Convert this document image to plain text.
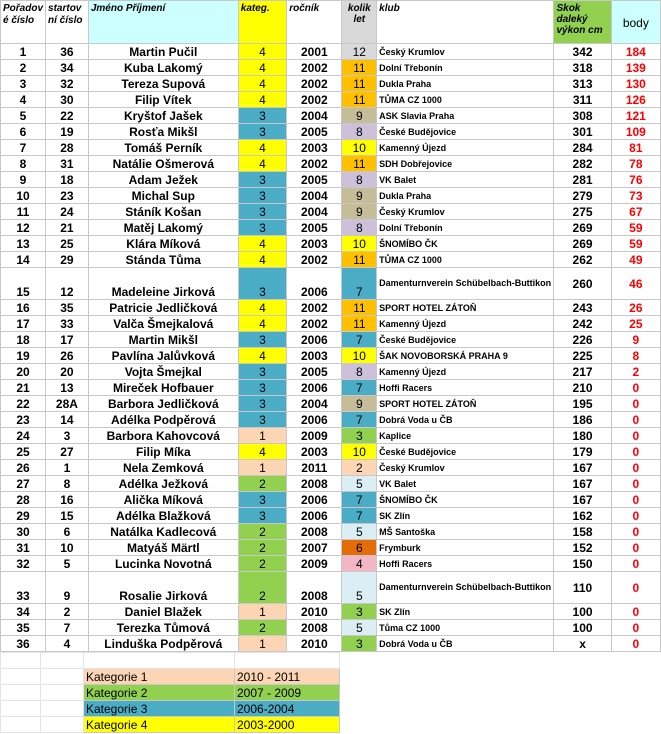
Pořadov é číslo	startov ní číslo	Jméno Příjmení	kateg.	ročník	kolik let	klub	Skok daleký výkon cm	body
1	36	Martin Pučil	4	2001	12	Český Krumlov	342	184
2	34	Kuba Lakomý	4	2002	11	Dolní Třebonín	318	139
3	32	Tereza Supová	4	2002	11	Dukla Praha	313	130
4	30	Filip Vítek	4	2002	11	TŮMA CZ 1000	311	126
5	22	Kryštof Jašek	3	2004	9	ASK Slavia Praha	308	121
6	19	Rosťa Mikšl	3	2005	8	České Budějovice	301	109
7	28	Tomáš Perník	4	2003	10	Kamenný Újezd	284	81
8	31	Natálie Ošmerová	4	2002	11	SDH Dobřejovice	282	78
9	18	Adam Ježek	3	2005	8	VK Balet	281	76
10	23	Michal Sup	3	2004	9	Dukla Praha	279	73
11	24	Stáník Košan	3	2004	9	Český Krumlov	275	67
12	21	Matěj Lakomý	3	2005	8	Dolní Třebonín	269	59
13	25	Klára Míková	4	2003	10	ŠNOMÍBO ČK	269	59
14	29	Stánda Tůma	4	2002	11	TŮMA CZ 1000	262	49
15	12	Madeleine Jirková	3	2006	7	Damenturnverein Schübelbach-Buttikon	260	46
16	35	Patricie Jedličková	4	2002	11	SPORT HOTEL ZÁTOŇ	243	26
17	33	Valča Šmejkalová	4	2002	11	Kamenný Újezd	242	25
18	17	Martin Mikšl	3	2006	7	České Budějovice	226	9
19	26	Pavlína Jalůvková	4	2003	10	ŠAK NOVOBORSKÁ PRAHA 9	225	8
20	20	Vojta Šmejkal	3	2005	8	Kamenný Újezd	217	2
21	13	Mireček Hofbauer	3	2006	7	Hoffi Racers	210	0
22	28A	Barbora Jedličková	3	2004	9	SPORT HOTEL ZÁTOŇ	195	0
23	14	Adélka Podpěrová	3	2006	7	Dobrá Voda u ČB	186	0
24	3	Barbora Kahovcová	1	2009	3	Kaplice	180	0
25	27	Filip Míka	4	2003	10	České Budějovice	179	0
26	1	Nela Zemková	1	2011	2	Český Krumlov	167	0
27	8	Adélka Ježková	2	2008	5	VK Balet	167	0
28	16	Alička Míková	3	2006	7	ŠNOMÍBO ČK	167	0
29	15	Adélka Blažková	3	2006	7	SK Zlín	162	0
30	6	Natálka Kadlecová	2	2008	5	MŠ Santoška	158	0
31	10	Matyáš Märtl	2	2007	6	Frymburk	152	0
32	5	Lucinka Novotná	2	2009	4	Hoffi Racers	150	0
33	9	Rosalie Jirková	2	2008	5	Damenturnverein Schübelbach-Buttikon	110	0
34	2	Daniel Blažek	1	2010	3	SK Zlín	100	0
35	7	Terezka Tůmová	2	2008	5	Tůma CZ 1000	100	0
36	4	Linduška Podpěrová	1	2010	3	Dobrá Voda u ČB	x	0

		Kategorie 1	2010 - 2011
		Kategorie 2	2007 - 2009
		Kategorie 3	2006-2004
		Kategorie 4	2003-2000
